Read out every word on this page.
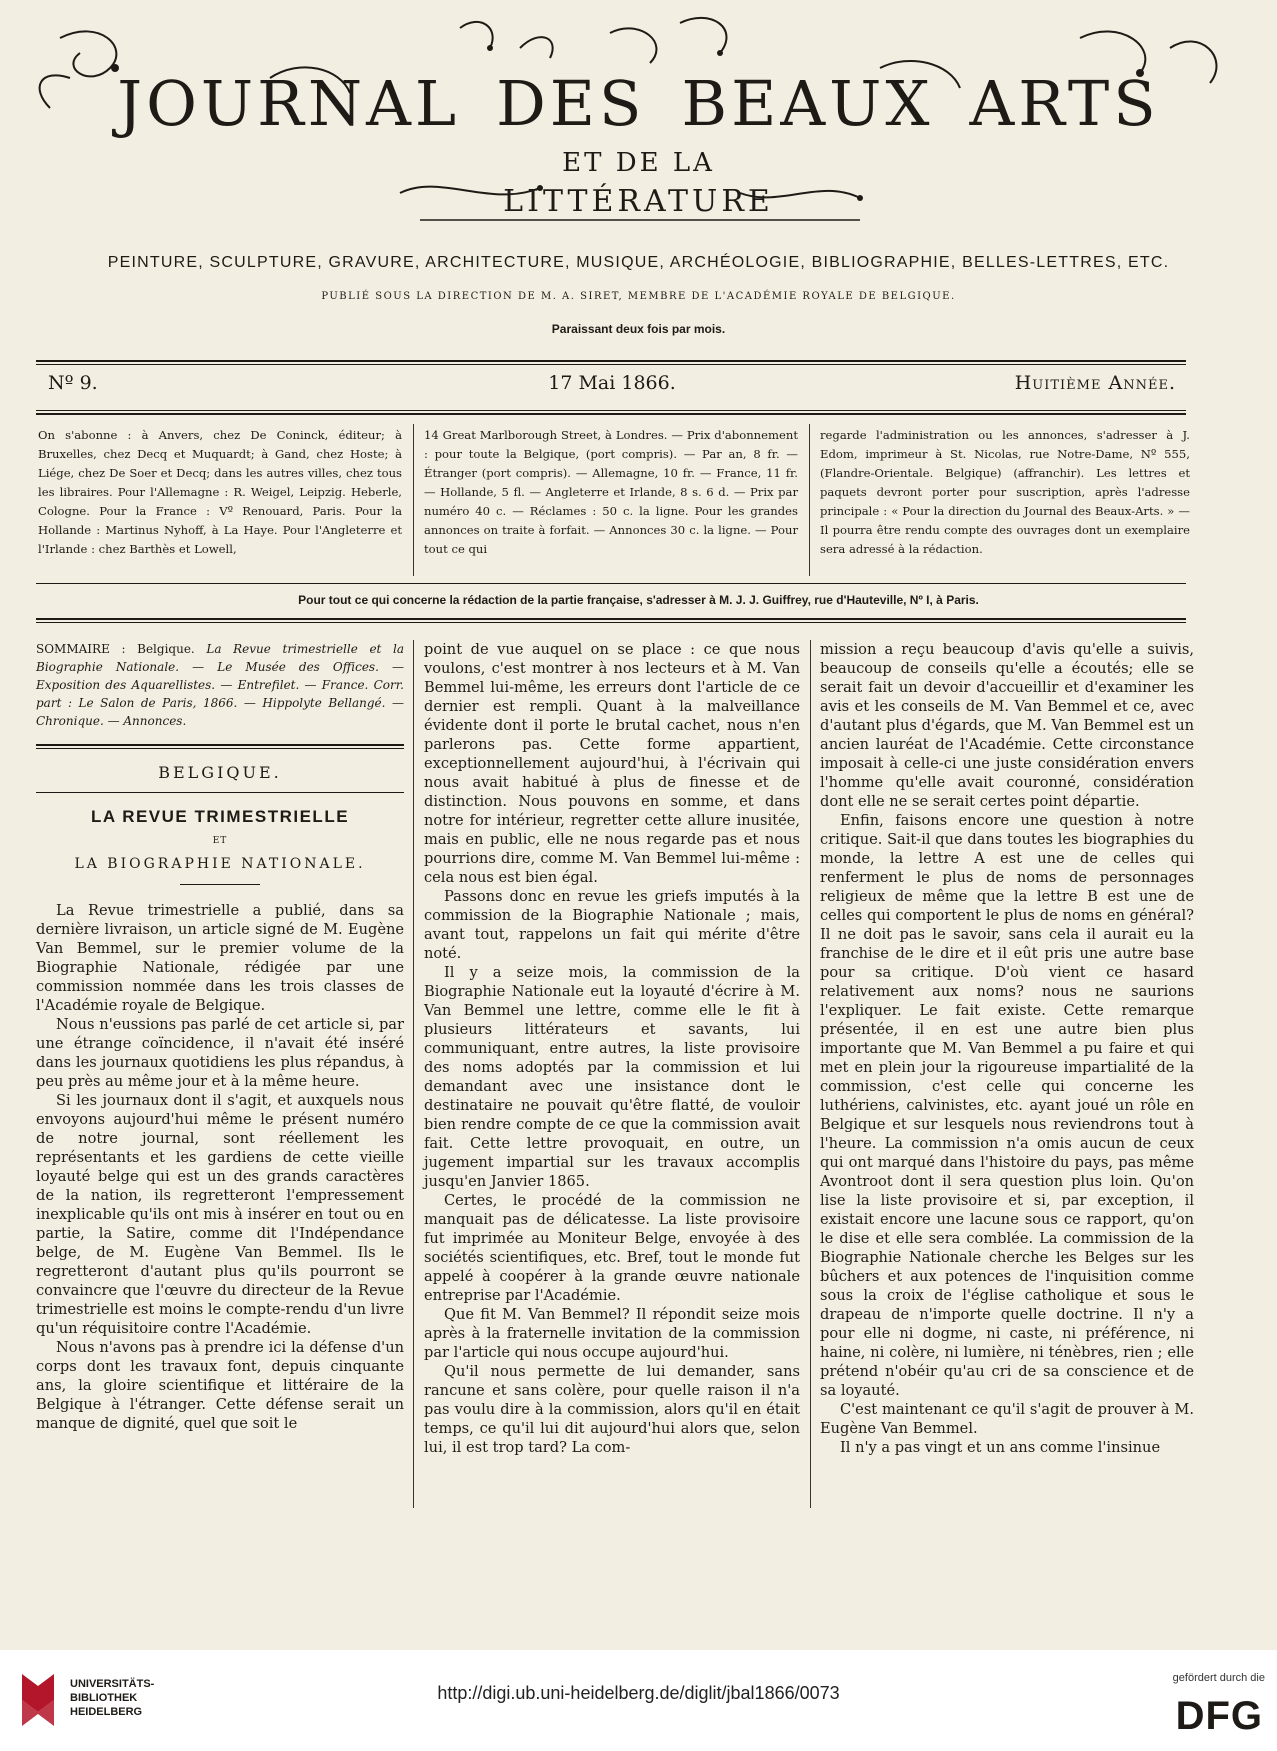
JOURNAL DES BEAUX ARTS
ET DE LA
LITTÉRATURE
PEINTURE, SCULPTURE, GRAVURE, ARCHITECTURE, MUSIQUE, ARCHÉOLOGIE, BIBLIOGRAPHIE, BELLES-LETTRES, ETC.
PUBLIÉ SOUS LA DIRECTION DE M. A. SIRET, MEMBRE DE L'ACADÉMIE ROYALE DE BELGIQUE.
Paraissant deux fois par mois.
Nº 9.	17 Mai 1866.	Huitième Année.
On s'abonne : à Anvers, chez De Coninck, éditeur; à Bruxelles, chez Decq et Muquardt; à Gand, chez Hoste; à Liége, chez De Soer et Decq; dans les autres villes, chez tous les libraires. Pour l'Allemagne : R. Weigel, Leipzig. Heberle, Cologne. Pour la France : Vº Renouard, Paris. Pour la Hollande : Martinus Nyhoff, à La Haye. Pour l'Angleterre et l'Irlande : chez Barthès et Lowell,
14 Great Marlborough Street, à Londres. — Prix d'abonnement : pour toute la Belgique, (port compris). — Par an, 8 fr. — Étranger (port compris). — Allemagne, 10 fr. — France, 11 fr. — Hollande, 5 fl. — Angleterre et Irlande, 8 s. 6 d. — Prix par numéro 40 c. — Réclames : 50 c. la ligne. Pour les grandes annonces on traite à forfait. — Annonces 30 c. la ligne. — Pour tout ce qui
regarde l'administration ou les annonces, s'adresser à J. Edom, imprimeur à St. Nicolas, rue Notre-Dame, Nº 555, (Flandre-Orientale. Belgique) (affranchir). Les lettres et paquets devront porter pour suscription, après l'adresse principale : « Pour la direction du Journal des Beaux-Arts. » — Il pourra être rendu compte des ouvrages dont un exemplaire sera adressé à la rédaction.
Pour tout ce qui concerne la rédaction de la partie française, s'adresser à M. J. J. Guiffrey, rue d'Hauteville, Nº I, à Paris.
SOMMAIRE : Belgique. La Revue trimestrielle et la Biographie Nationale. — Le Musée des Offices. — Exposition des Aquarellistes. — Entrefilet. — France. Corr. part : Le Salon de Paris, 1866. — Hippolyte Bellangé. — Chronique. — Annonces.
BELGIQUE.
LA REVUE TRIMESTRIELLE
ET
LA BIOGRAPHIE NATIONALE.

La Revue trimestrielle a publié, dans sa dernière livraison, un article signé de M. Eugène Van Bemmel, sur le premier volume de la Biographie Nationale, rédigée par une commission nommée dans les trois classes de l'Académie royale de Belgique.

Nous n'eussions pas parlé de cet article si, par une étrange coïncidence, il n'avait été inséré dans les journaux quotidiens les plus répandus, à peu près au même jour et à la même heure.

Si les journaux dont il s'agit, et auxquels nous envoyons aujourd'hui même le présent numéro de notre journal, sont réellement les représentants et les gardiens de cette vieille loyauté belge qui est un des grands caractères de la nation, ils regretteront l'empressement inexplicable qu'ils ont mis à insérer en tout ou en partie, la Satire, comme dit l'Indépendance belge, de M. Eugène Van Bemmel. Ils le regretteront d'autant plus qu'ils pourront se convaincre que l'œuvre du directeur de la Revue trimestrielle est moins le compte-rendu d'un livre qu'un réquisitoire contre l'Académie.

Nous n'avons pas à prendre ici la défense d'un corps dont les travaux font, depuis cinquante ans, la gloire scientifique et littéraire de la Belgique à l'étranger. Cette défense serait un manque de dignité, quel que soit le

point de vue auquel on se place : ce que nous voulons, c'est montrer à nos lecteurs et à M. Van Bemmel lui-même, les erreurs dont l'article de ce dernier est rempli. Quant à la malveillance évidente dont il porte le brutal cachet, nous n'en parlerons pas. Cette forme appartient, exceptionnellement aujourd'hui, à l'écrivain qui nous avait habitué à plus de finesse et de distinction. Nous pouvons en somme, et dans notre for intérieur, regretter cette allure inusitée, mais en public, elle ne nous regarde pas et nous pourrions dire, comme M. Van Bemmel lui-même : cela nous est bien égal.

Passons donc en revue les griefs imputés à la commission de la Biographie Nationale ; mais, avant tout, rappelons un fait qui mérite d'être noté.

Il y a seize mois, la commission de la Biographie Nationale eut la loyauté d'écrire à M. Van Bemmel une lettre, comme elle le fit à plusieurs littérateurs et savants, lui communiquant, entre autres, la liste provisoire des noms adoptés par la commission et lui demandant avec une insistance dont le destinataire ne pouvait qu'être flatté, de vouloir bien rendre compte de ce que la commission avait fait. Cette lettre provoquait, en outre, un jugement impartial sur les travaux accomplis jusqu'en Janvier 1865.

Certes, le procédé de la commission ne manquait pas de délicatesse. La liste provisoire fut imprimée au Moniteur Belge, envoyée à des sociétés scientifiques, etc. Bref, tout le monde fut appelé à coopérer à la grande œuvre nationale entreprise par l'Académie.

Que fit M. Van Bemmel? Il répondit seize mois après à la fraternelle invitation de la commission par l'article qui nous occupe aujourd'hui.

Qu'il nous permette de lui demander, sans rancune et sans colère, pour quelle raison il n'a pas voulu dire à la commission, alors qu'il en était temps, ce qu'il lui dit aujourd'hui alors que, selon lui, il est trop tard? La com-

mission a reçu beaucoup d'avis qu'elle a suivis, beaucoup de conseils qu'elle a écoutés; elle se serait fait un devoir d'accueillir et d'examiner les avis et les conseils de M. Van Bemmel et ce, avec d'autant plus d'égards, que M. Van Bemmel est un ancien lauréat de l'Académie. Cette circonstance imposait à celle-ci une juste considération envers l'homme qu'elle avait couronné, considération dont elle ne se serait certes point départie.

Enfin, faisons encore une question à notre critique. Sait-il que dans toutes les biographies du monde, la lettre A est une de celles qui renferment le plus de noms de personnages religieux de même que la lettre B est une de celles qui comportent le plus de noms en général? Il ne doit pas le savoir, sans cela il aurait eu la franchise de le dire et il eût pris une autre base pour sa critique. D'où vient ce hasard relativement aux noms? nous ne saurions l'expliquer. Le fait existe. Cette remarque présentée, il en est une autre bien plus importante que M. Van Bemmel a pu faire et qui met en plein jour la rigoureuse impartialité de la commission, c'est celle qui concerne les luthériens, calvinistes, etc. ayant joué un rôle en Belgique et sur lesquels nous reviendrons tout à l'heure. La commission n'a omis aucun de ceux qui ont marqué dans l'histoire du pays, pas même Avontroot dont il sera question plus loin. Qu'on lise la liste provisoire et si, par exception, il existait encore une lacune sous ce rapport, qu'on le dise et elle sera comblée. La commission de la Biographie Nationale cherche les Belges sur les bûchers et aux potences de l'inquisition comme sous la croix de l'église catholique et sous le drapeau de n'importe quelle doctrine. Il n'y a pour elle ni dogme, ni caste, ni préférence, ni haine, ni colère, ni lumière, ni ténèbres, rien ; elle prétend n'obéir qu'au cri de sa conscience et de sa loyauté.

C'est maintenant ce qu'il s'agit de prouver à M. Eugène Van Bemmel.

Il n'y a pas vingt et un ans comme l'insinue

UNIVERSITÄTS-
BIBLIOTHEK
HEIDELBERG
http://digi.ub.uni-heidelberg.de/diglit/jbal1866/0073
gefördert durch die
DFG
